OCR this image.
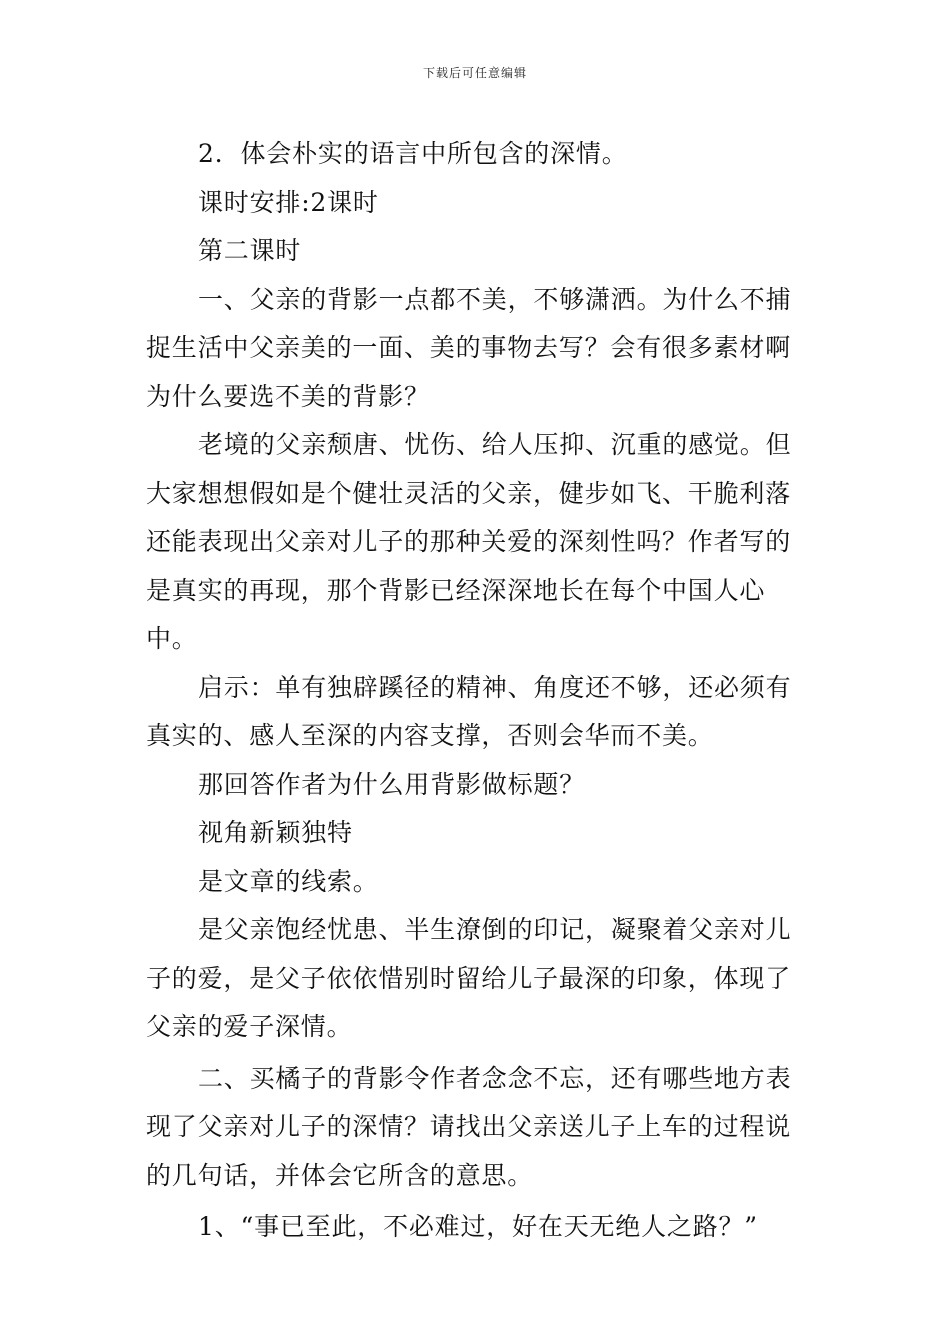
下载后可任意编辑

2．体会朴实的语言中所包含的深情。

课时安排:2课时

第二课时

一、父亲的背影一点都不美，不够潇洒。为什么不捕捉生活中父亲美的一面、美的事物去写？会有很多素材啊为什么要选不美的背影？

老境的父亲颓唐、忧伤、给人压抑、沉重的感觉。但大家想想假如是个健壮灵活的父亲，健步如飞、干脆利落还能表现出父亲对儿子的那种关爱的深刻性吗？作者写的是真实的再现，那个背影已经深深地长在每个中国人心中。

启示：单有独辟蹊径的精神、角度还不够，还必须有真实的、感人至深的内容支撑，否则会华而不美。

那回答作者为什么用背影做标题？

视角新颖独特

是文章的线索。

是父亲饱经忧患、半生潦倒的印记，凝聚着父亲对儿子的爱，是父子依依惜别时留给儿子最深的印象，体现了父亲的爱子深情。

二、买橘子的背影令作者念念不忘，还有哪些地方表现了父亲对儿子的深情？请找出父亲送儿子上车的过程说的几句话，并体会它所含的意思。

1、“事已至此，不必难过，好在天无绝人之路？”
